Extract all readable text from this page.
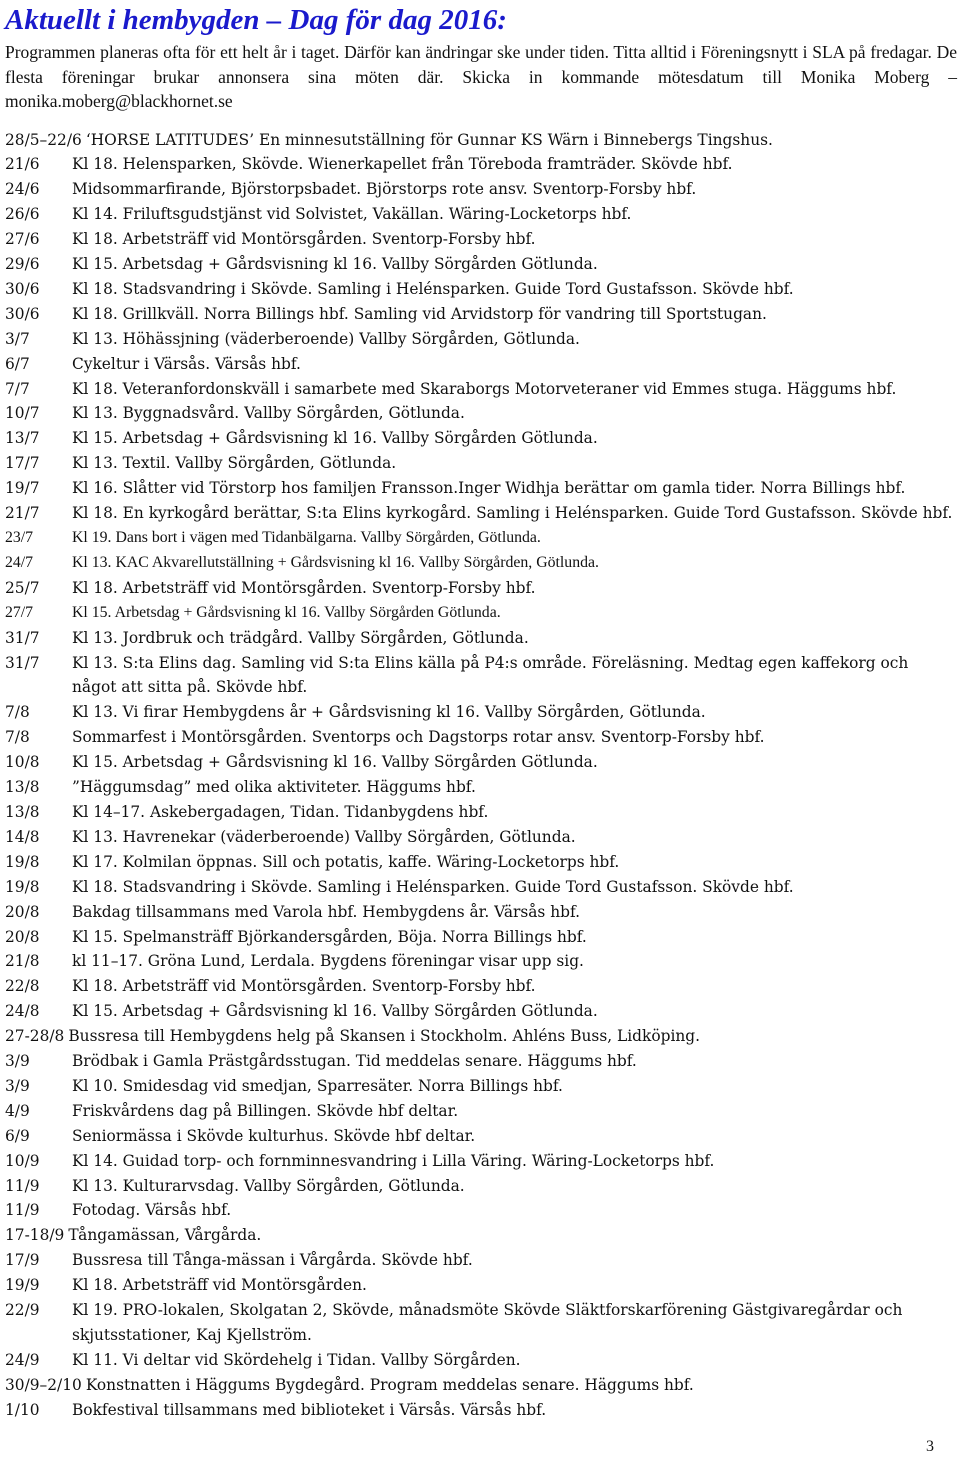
Aktuellt i hembygden – Dag för dag 2016:

Programmen planeras ofta för ett helt år i taget. Därför kan ändringar ske under tiden. Titta alltid i Föreningsnytt i SLA på fredagar. De flesta föreningar brukar annonsera sina möten där. Skicka in kommande mötesdatum till Monika Moberg – monika.moberg@blackhornet.se

28/5–22/6 ‘HORSE LATITUDES’ En minnesutställning för Gunnar KS Wärn i Binnebergs Tingshus.
21/6	Kl 18. Helensparken, Skövde. Wienerkapellet från Töreboda framträder. Skövde hbf.
24/6	Midsommarfirande, Björstorpsbadet. Björstorps rote ansv. Sventorp-Forsby hbf.
26/6	Kl 14. Friluftsgudstjänst vid Solvistet, Vakällan. Wäring-Locketorps hbf.
27/6	Kl 18. Arbetsträff vid Montörsgården. Sventorp-Forsby hbf.
29/6	Kl 15. Arbetsdag + Gårdsvisning kl 16. Vallby Sörgården Götlunda.
30/6	Kl 18. Stadsvandring i Skövde. Samling i Helénsparken. Guide Tord Gustafsson. Skövde hbf.
30/6	Kl 18. Grillkväll. Norra Billings hbf. Samling vid Arvidstorp för vandring till Sportstugan.
3/7	Kl 13. Höhässjning (väderberoende) Vallby Sörgården, Götlunda.
6/7	Cykeltur i Värsås. Värsås hbf.
7/7	Kl 18. Veteranfordonskväll i samarbete med Skaraborgs Motorveteraner vid Emmes stuga. Häggums hbf.
10/7	Kl 13. Byggnadsvård. Vallby Sörgården, Götlunda.
13/7	Kl 15. Arbetsdag + Gårdsvisning kl 16. Vallby Sörgården Götlunda.
17/7	Kl 13. Textil. Vallby Sörgården, Götlunda.
19/7	Kl 16. Slåtter vid Törstorp hos familjen Fransson.Inger Widhja berättar om gamla tider. Norra Billings hbf.
21/7	Kl 18. En kyrkogård berättar, S:ta Elins kyrkogård. Samling i Helénsparken. Guide Tord Gustafsson. Skövde hbf.
23/7	Kl 19. Dans bort i vägen med Tidanbälgarna. Vallby Sörgården, Götlunda.
24/7	Kl 13. KAC Akvarellutställning + Gårdsvisning kl 16. Vallby Sörgården, Götlunda.
25/7	Kl 18. Arbetsträff vid Montörsgården. Sventorp-Forsby hbf.
27/7	Kl 15. Arbetsdag + Gårdsvisning kl 16. Vallby Sörgården Götlunda.
31/7	Kl 13. Jordbruk och trädgård. Vallby Sörgården, Götlunda.
31/7	Kl 13. S:ta Elins dag. Samling vid S:ta Elins källa på P4:s område. Föreläsning. Medtag egen kaffekorg och något att sitta på. Skövde hbf.
7/8	Kl 13. Vi firar Hembygdens år + Gårdsvisning kl 16. Vallby Sörgården, Götlunda.
7/8	Sommarfest i Montörsgården. Sventorps och Dagstorps rotar ansv. Sventorp-Forsby hbf.
10/8	Kl 15. Arbetsdag + Gårdsvisning kl 16. Vallby Sörgården Götlunda.
13/8	”Häggumsdag” med olika aktiviteter. Häggums hbf.
13/8	Kl 14–17. Askebergadagen, Tidan. Tidanbygdens hbf.
14/8	Kl 13. Havrenekar (väderberoende) Vallby Sörgården, Götlunda.
19/8	Kl 17. Kolmilan öppnas. Sill och potatis, kaffe. Wäring-Locketorps hbf.
19/8	Kl 18. Stadsvandring i Skövde. Samling i Helénsparken. Guide Tord Gustafsson. Skövde hbf.
20/8	Bakdag tillsammans med Varola hbf. Hembygdens år. Värsås hbf.
20/8	Kl 15. Spelmansträff Björkandersgården, Böja. Norra Billings hbf.
21/8	kl 11–17. Gröna Lund, Lerdala. Bygdens föreningar visar upp sig.
22/8	Kl 18. Arbetsträff vid Montörsgården. Sventorp-Forsby hbf.
24/8	Kl 15. Arbetsdag + Gårdsvisning kl 16. Vallby Sörgården Götlunda.
27-28/8 Bussresa till Hembygdens helg på Skansen i Stockholm. Ahléns Buss, Lidköping.
3/9	Brödbak i Gamla Prästgårdsstugan. Tid meddelas senare. Häggums hbf.
3/9	Kl 10. Smidesdag vid smedjan, Sparresäter. Norra Billings hbf.
4/9	Friskvårdens dag på Billingen. Skövde hbf deltar.
6/9	Seniormässa i Skövde kulturhus. Skövde hbf deltar.
10/9	Kl 14. Guidad torp- och fornminnesvandring i Lilla Väring. Wäring-Locketorps hbf.
11/9	Kl 13. Kulturarvsdag. Vallby Sörgården, Götlunda.
11/9	Fotodag. Värsås hbf.
17-18/9 Tångamässan, Vårgårda.
17/9	Bussresa till Tånga-mässan i Vårgårda. Skövde hbf.
19/9	Kl 18. Arbetsträff vid Montörsgården.
22/9	Kl 19. PRO-lokalen, Skolgatan 2, Skövde, månadsmöte Skövde Släktforskarförening Gästgivaregårdar och skjutsstationer, Kaj Kjellström.
24/9	Kl 11. Vi deltar vid Skördehelg i Tidan. Vallby Sörgården.
30/9–2/10 Konstnatten i Häggums Bygdegård. Program meddelas senare. Häggums hbf.
1/10	Bokfestival tillsammans med biblioteket i Värsås. Värsås hbf.
3
